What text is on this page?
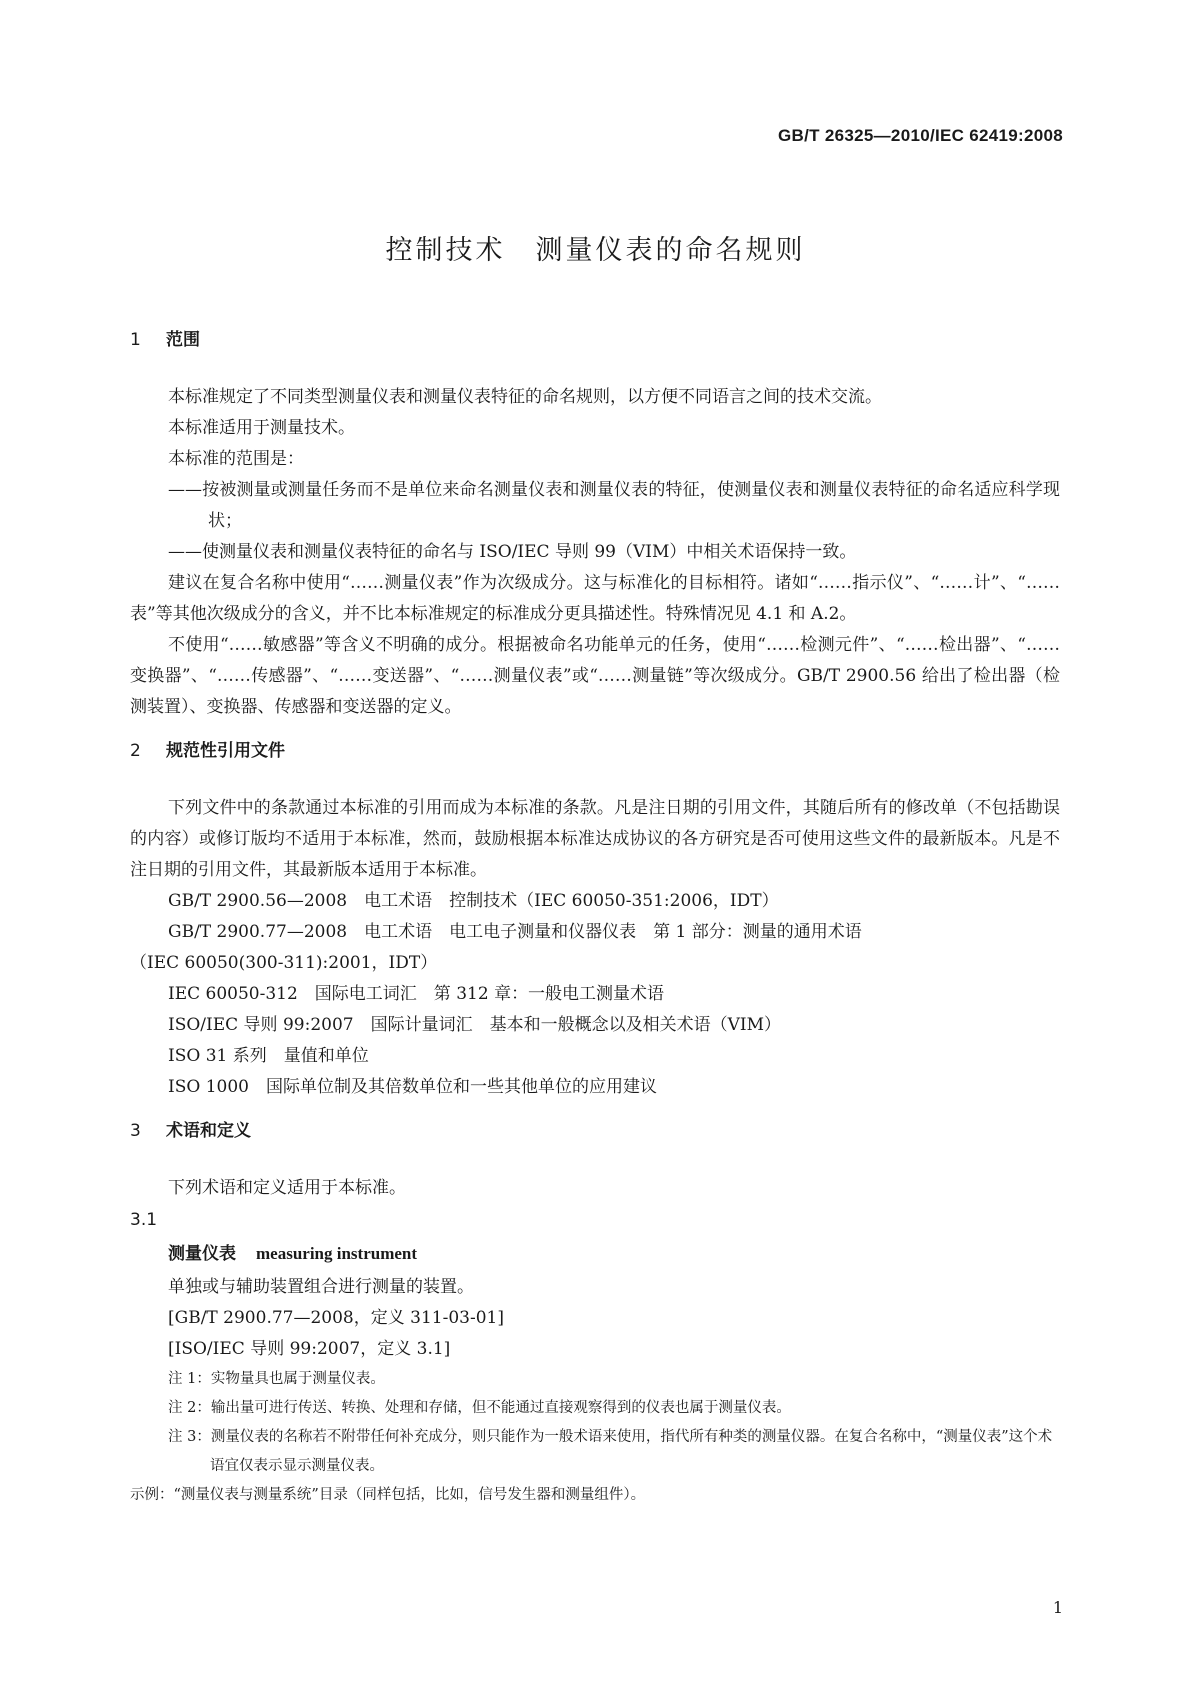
GB/T 26325—2010/IEC 62419:2008
控制技术　测量仪表的命名规则
1 范围
本标准规定了不同类型测量仪表和测量仪表特征的命名规则，以方便不同语言之间的技术交流。
本标准适用于测量技术。
本标准的范围是：
——按被测量或测量任务而不是单位来命名测量仪表和测量仪表的特征，使测量仪表和测量仪表特征的命名适应科学现状；
——使测量仪表和测量仪表特征的命名与 ISO/IEC 导则 99（VIM）中相关术语保持一致。
建议在复合名称中使用“……测量仪表”作为次级成分。这与标准化的目标相符。诸如“……指示仪”、“……计”、“……表”等其他次级成分的含义，并不比本标准规定的标准成分更具描述性。特殊情况见 4.1 和 A.2。
不使用“……敏感器”等含义不明确的成分。根据被命名功能单元的任务，使用“……检测元件”、“……检出器”、“……变换器”、“……传感器”、“……变送器”、“……测量仪表”或“……测量链”等次级成分。GB/T 2900.56 给出了检出器（检测装置）、变换器、传感器和变送器的定义。
2 规范性引用文件
下列文件中的条款通过本标准的引用而成为本标准的条款。凡是注日期的引用文件，其随后所有的修改单（不包括勘误的内容）或修订版均不适用于本标准，然而，鼓励根据本标准达成协议的各方研究是否可使用这些文件的最新版本。凡是不注日期的引用文件，其最新版本适用于本标准。
GB/T 2900.56—2008　电工术语　控制技术（IEC 60050-351:2006，IDT）
GB/T 2900.77—2008　电工术语　电工电子测量和仪器仪表　第 1 部分：测量的通用术语
（IEC 60050(300-311):2001，IDT）
IEC 60050-312　国际电工词汇　第 312 章：一般电工测量术语
ISO/IEC 导则 99:2007　国际计量词汇　基本和一般概念以及相关术语（VIM）
ISO 31 系列　量值和单位
ISO 1000　国际单位制及其倍数单位和一些其他单位的应用建议
3 术语和定义
下列术语和定义适用于本标准。
3.1
测量仪表 measuring instrument
单独或与辅助装置组合进行测量的装置。
[GB/T 2900.77—2008，定义 311-03-01]
[ISO/IEC 导则 99:2007，定义 3.1]
注 1：实物量具也属于测量仪表。
注 2：输出量可进行传送、转换、处理和存储，但不能通过直接观察得到的仪表也属于测量仪表。
注 3：测量仪表的名称若不附带任何补充成分，则只能作为一般术语来使用，指代所有种类的测量仪器。在复合名称中，“测量仪表”这个术语宜仅表示显示测量仪表。
示例：“测量仪表与测量系统”目录（同样包括，比如，信号发生器和测量组件）。
1
